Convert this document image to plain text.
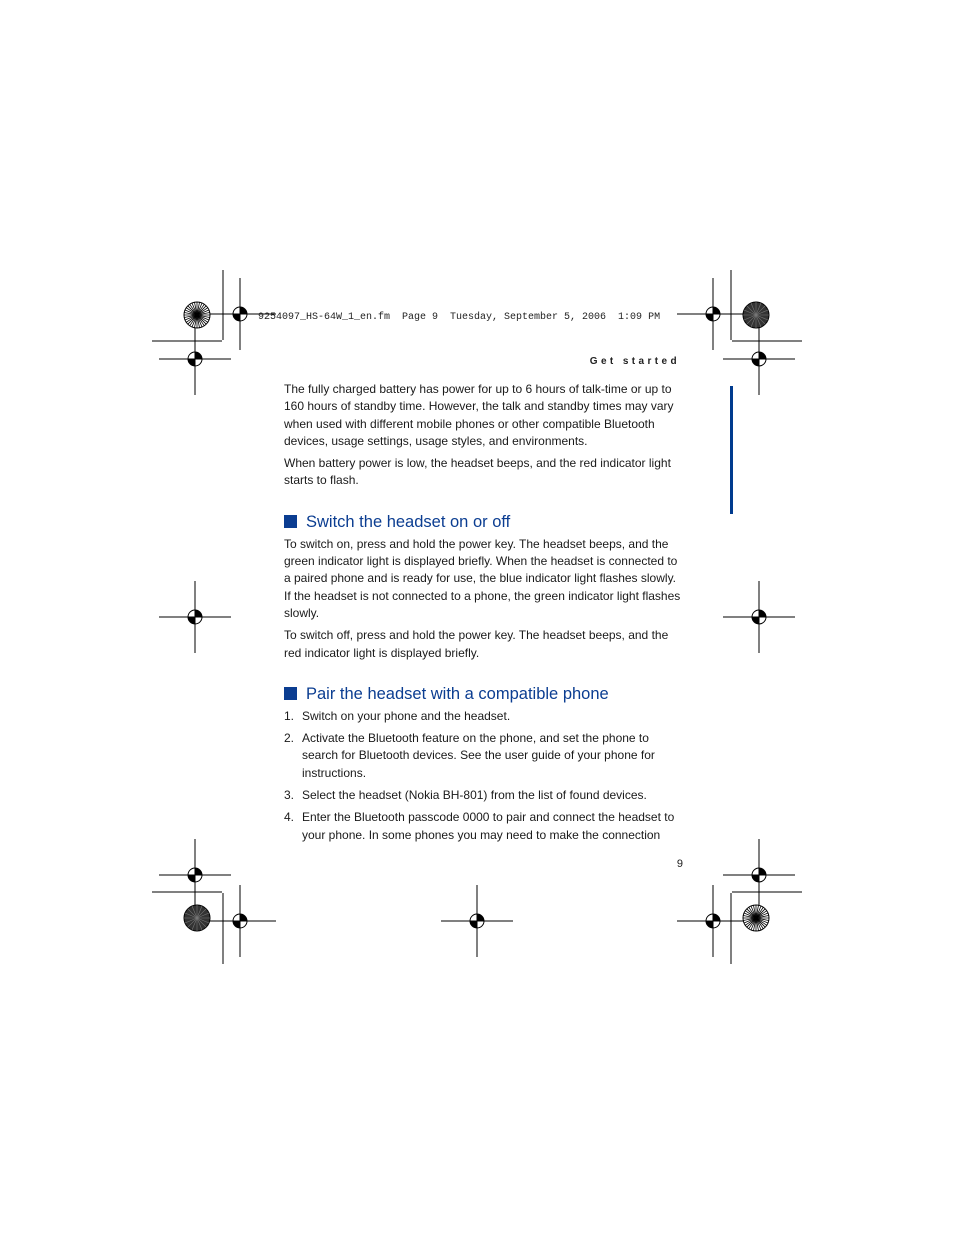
9254097_HS-64W_1_en.fm  Page 9  Tuesday, September 5, 2006  1:09 PM
Get started

The fully charged battery has power for up to 6 hours of talk-time or up to 160 hours of standby time. However, the talk and standby times may vary when used with different mobile phones or other compatible Bluetooth devices, usage settings, usage styles, and environments.

When battery power is low, the headset beeps, and the red indicator light starts to flash.

Switch the headset on or off

To switch on, press and hold the power key. The headset beeps, and the green indicator light is displayed briefly. When the headset is connected to a paired phone and is ready for use, the blue indicator light flashes slowly. If the headset is not connected to a phone, the green indicator light flashes slowly.

To switch off, press and hold the power key. The headset beeps, and the red indicator light is displayed briefly.

Pair the headset with a compatible phone
1. Switch on your phone and the headset.
2. Activate the Bluetooth feature on the phone, and set the phone to search for Bluetooth devices. See the user guide of your phone for instructions.
3. Select the headset (Nokia BH-801) from the list of found devices.
4. Enter the Bluetooth passcode 0000 to pair and connect the headset to your phone. In some phones you may need to make the connection
9
